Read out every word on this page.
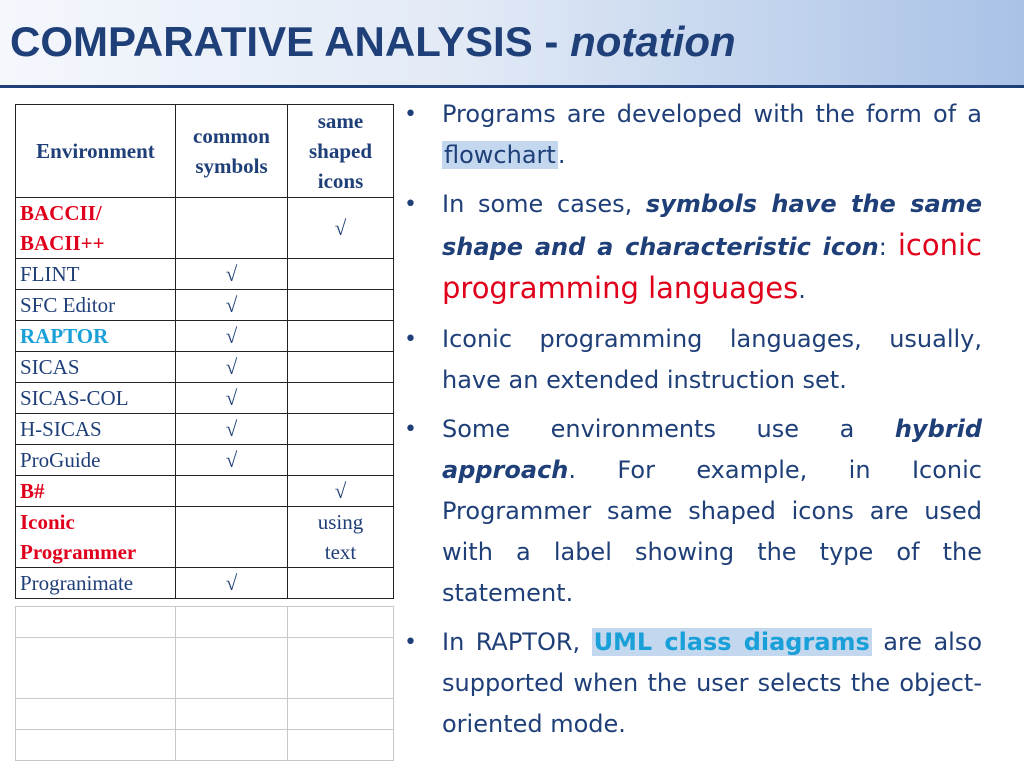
COMPARATIVE ANALYSIS - notation
Environment	common symbols	same shaped icons

BACCII/ BACII++		√
FLINT	√	
SFC Editor	√	
RAPTOR	√	
SICAS	√	
SICAS-COL	√	
H-SICAS	√	
ProGuide	√	
B#		√
Iconic Programmer		using text

Progranimate	√	

• Programs are developed with the form of a flowchart.
• In some cases, symbols have the same shape and a characteristic icon: iconic programming languages.
• Iconic programming languages, usually, have an extended instruction set.
• Some environments use a hybrid approach. For example, in Iconic Programmer same shaped icons are used with a label showing the type of the statement.
• In RAPTOR, UML class diagrams are also supported when the user selects the object-oriented mode.
